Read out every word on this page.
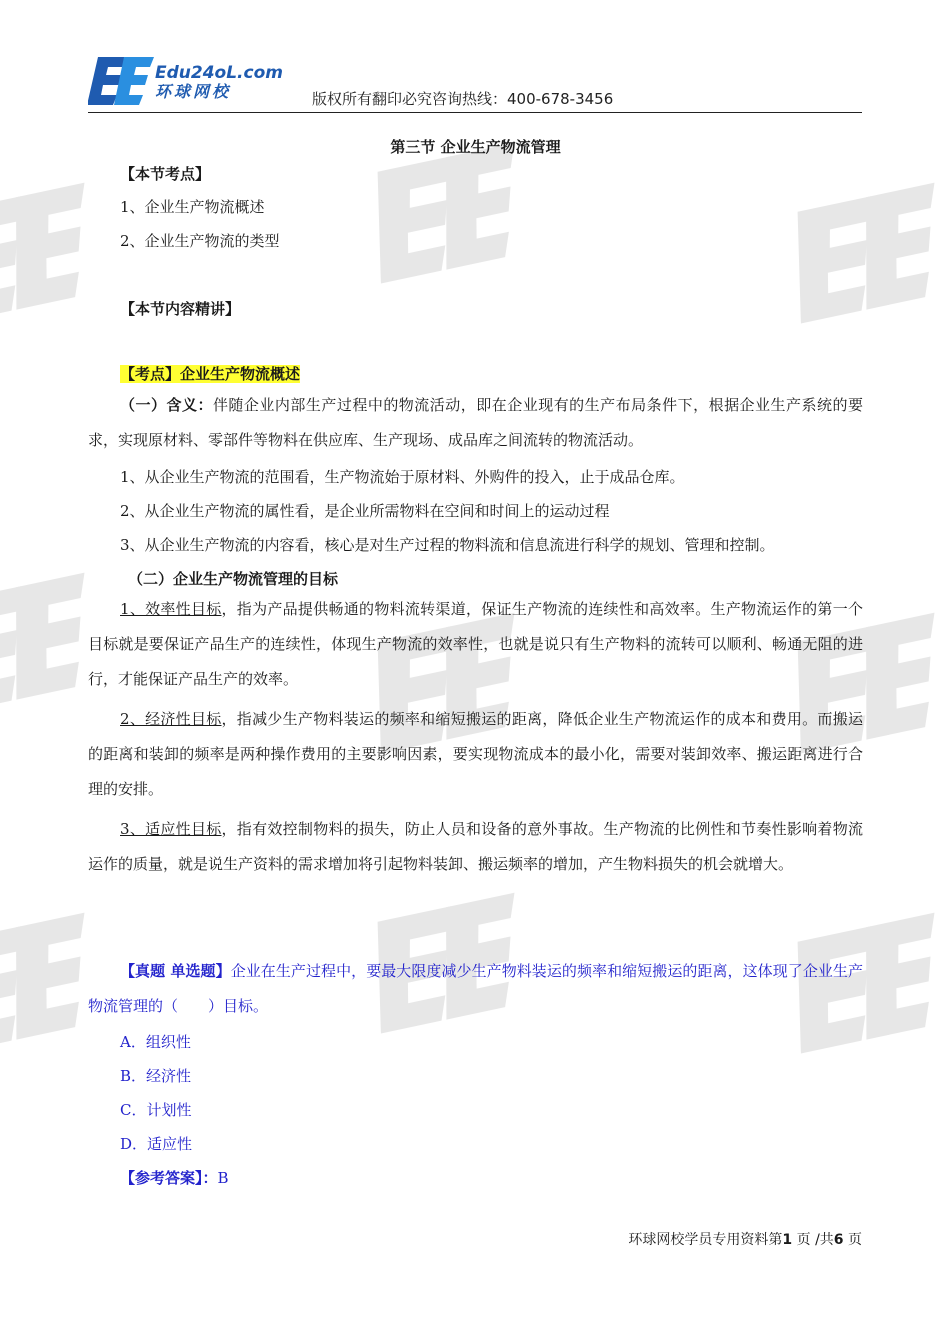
Edu24oL.com
环球网校	版权所有翻印必究咨询热线：400-678-3456
第三节 企业生产物流管理
【本节考点】
1、企业生产物流概述
2、企业生产物流的类型
【本节内容精讲】
【考点】企业生产物流概述

（一）含义：伴随企业内部生产过程中的物流活动，即在企业现有的生产布局条件下，根据企业生产系统的要求，实现原材料、零部件等物料在供应库、生产现场、成品库之间流转的物流活动。

1、从企业生产物流的范围看，生产物流始于原材料、外购件的投入，止于成品仓库。
2、从企业生产物流的属性看，是企业所需物料在空间和时间上的运动过程
3、从企业生产物流的内容看，核心是对生产过程的物料流和信息流进行科学的规划、管理和控制。
（二）企业生产物流管理的目标

1、效率性目标，指为产品提供畅通的物料流转渠道，保证生产物流的连续性和高效率。生产物流运作的第一个目标就是要保证产品生产的连续性，体现生产物流的效率性，也就是说只有生产物料的流转可以顺利、畅通无阻的进行，才能保证产品生产的效率。

2、经济性目标，指减少生产物料装运的频率和缩短搬运的距离，降低企业生产物流运作的成本和费用。而搬运的距离和装卸的频率是两种操作费用的主要影响因素，要实现物流成本的最小化，需要对装卸效率、搬运距离进行合理的安排。

3、适应性目标，指有效控制物料的损失，防止人员和设备的意外事故。生产物流的比例性和节奏性影响着物流运作的质量，就是说生产资料的需求增加将引起物料装卸、搬运频率的增加，产生物料损失的机会就增大。

【真题 单选题】企业在生产过程中，要最大限度减少生产物料装运的频率和缩短搬运的距离，这体现了企业生产物流管理的（　　）目标。

A．组织性
B．经济性
C．计划性
D．适应性
【参考答案】：B
环球网校学员专用资料第1 页 /共6 页
